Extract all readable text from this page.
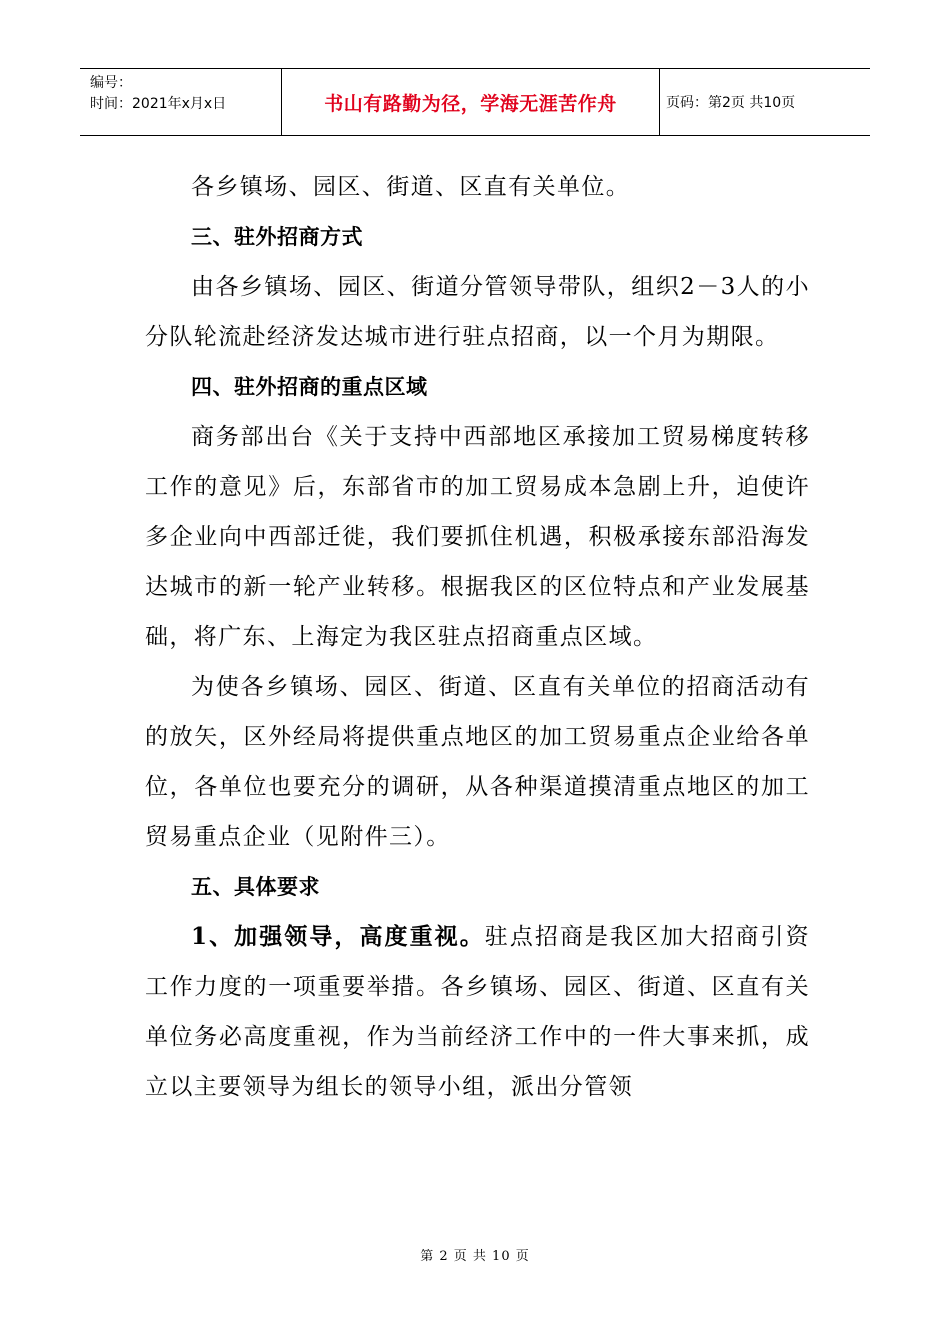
编号：
时间：2021年x月x日	书山有路勤为径，学海无涯苦作舟	页码：第2页 共10页

各乡镇场、园区、街道、区直有关单位。

三、驻外招商方式

由各乡镇场、园区、街道分管领导带队，组织2－3人的小分队轮流赴经济发达城市进行驻点招商，以一个月为期限。

四、驻外招商的重点区域

商务部出台《关于支持中西部地区承接加工贸易梯度转移工作的意见》后，东部省市的加工贸易成本急剧上升，迫使许多企业向中西部迁徙，我们要抓住机遇，积极承接东部沿海发达城市的新一轮产业转移。根据我区的区位特点和产业发展基础，将广东、上海定为我区驻点招商重点区域。

为使各乡镇场、园区、街道、区直有关单位的招商活动有的放矢，区外经局将提供重点地区的加工贸易重点企业给各单位，各单位也要充分的调研，从各种渠道摸清重点地区的加工贸易重点企业（见附件三）。

五、具体要求

1、加强领导，高度重视。驻点招商是我区加大招商引资工作力度的一项重要举措。各乡镇场、园区、街道、区直有关单位务必高度重视，作为当前经济工作中的一件大事来抓，成立以主要领导为组长的领导小组，派出分管领

第 2 页 共 10 页
